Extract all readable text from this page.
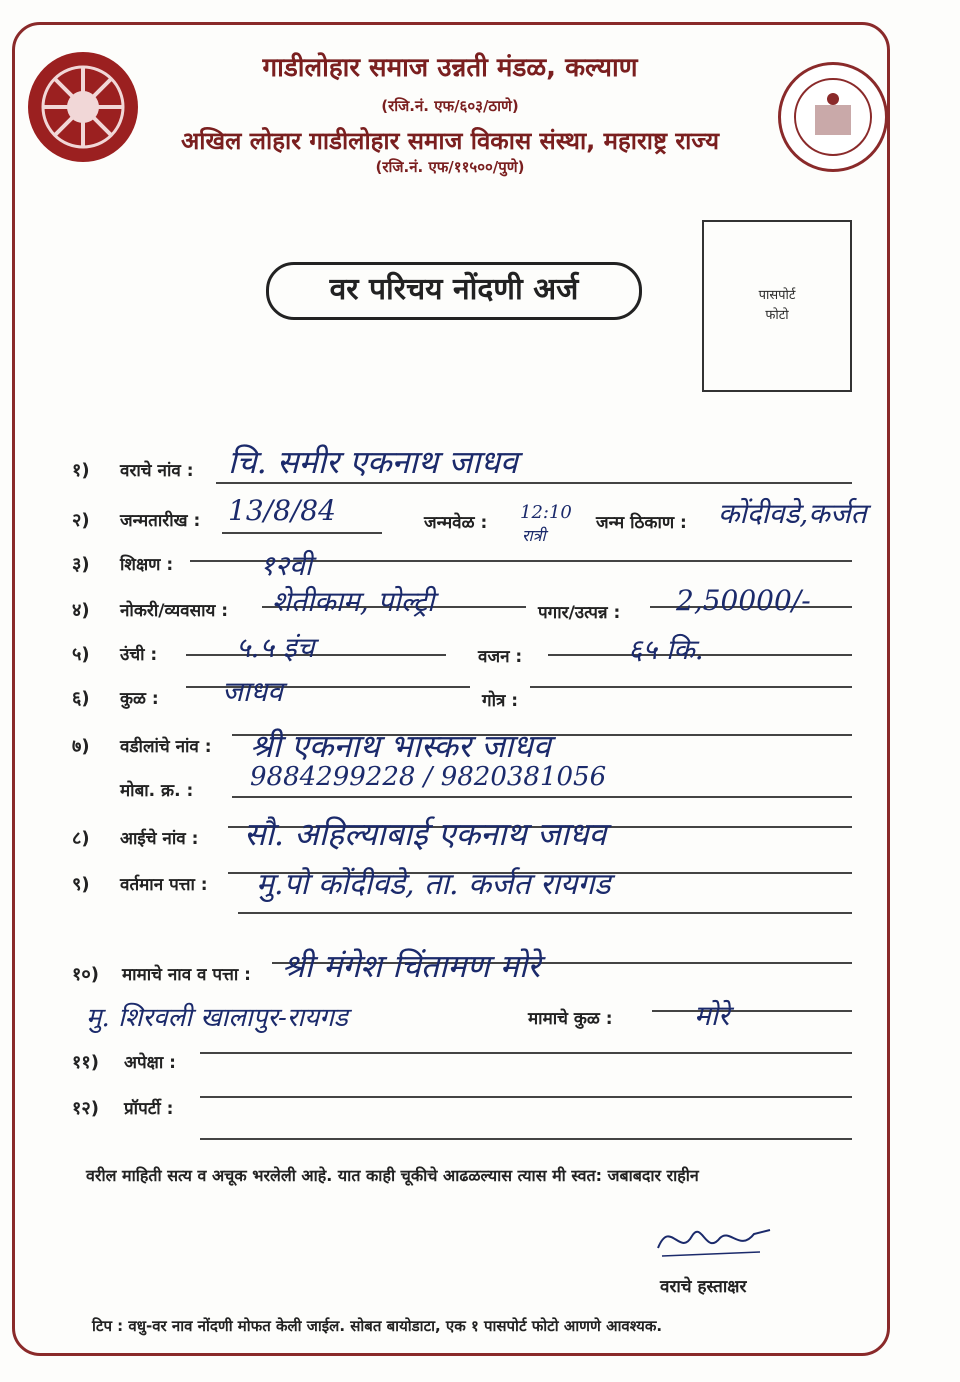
गाडीलोहार समाज उन्नती मंडळ, कल्याण
(रजि.नं. एफ/६०३/ठाणे)
अखिल लोहार गाडीलोहार समाज विकास संस्था, महाराष्ट्र राज्य
(रजि.नं. एफ/११५००/पुणे)
वर परिचय नोंदणी अर्ज	पासपोर्ट
फोटो
१) वराचे नांव : चि. समीर एकनाथ जाधव
२) जन्मतारीख : 13/8/84	जन्मवेळ : 12:10
रात्री
जन्म ठिकाण : कोंदीवडे,कर्जत
३) शिक्षण :	१२वी
४) नोकरी/व्यवसाय : शेतीकाम, पोल्ट्री	पगार/उत्पन्न : 2,50000/-
५) उंची :	५.५ इंच	वजन :	६५ कि.
६) कुळ : जाधव	गोत्र :
७) वडीलांचे नांव : श्री एकनाथ भास्कर जाधव
मोबा. क्र. : 9884299228 / 9820381056
८) आईचे नांव : सौ. अहिल्याबाई एकनाथ जाधव
९) वर्तमान पत्ता : मु.पो कोंदीवडे, ता. कर्जत रायगड
१०) मामाचे नाव व पत्ता : श्री मंगेश चिंतामण मोरे
मु. शिरवली खालापुर-रायगड	मामाचे कुळ :	मोरे
११) अपेक्षा :
१२) प्रॉपर्टी :
वरील माहिती सत्य व अचूक भरलेली आहे. यात काही चूकीचे आढळल्यास त्यास मी स्वत: जबाबदार राहीन
वराचे हस्ताक्षर
टिप : वधु-वर नाव नोंदणी मोफत केली जाईल. सोबत बायोडाटा, एक १ पासपोर्ट फोटो आणणे आवश्यक.
